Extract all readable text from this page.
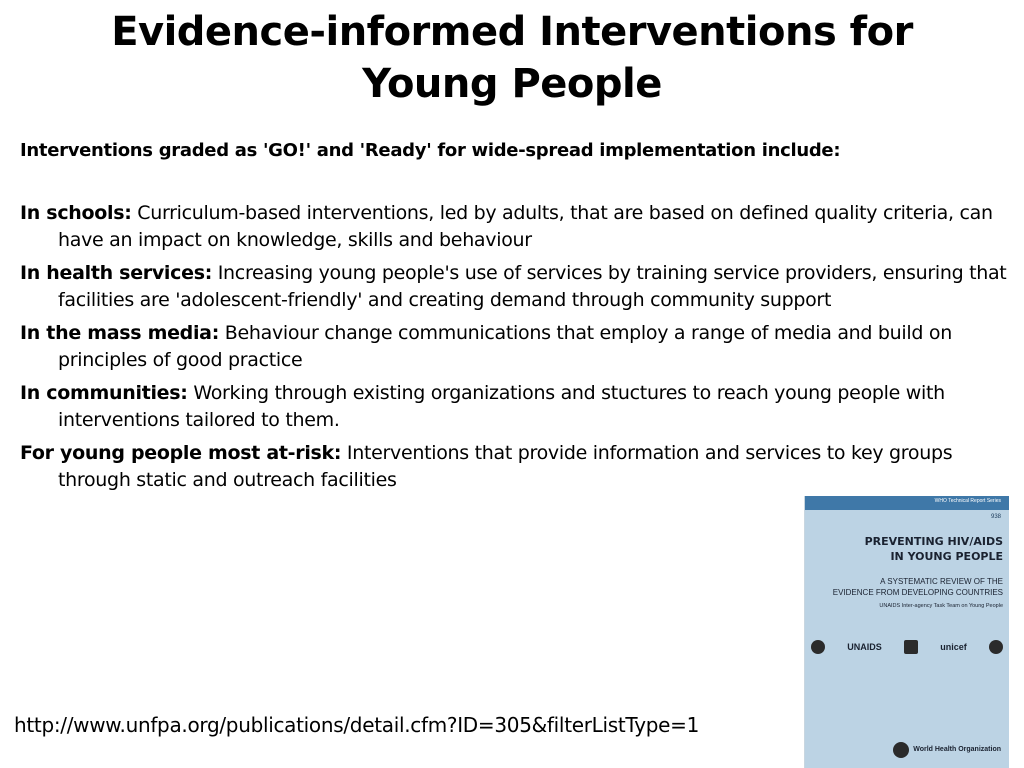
Evidence-informed Interventions for
Young People
Interventions graded as 'GO!' and 'Ready' for wide-spread implementation include:
In schools: Curriculum-based interventions, led by adults, that are based on defined quality criteria, can have an impact on knowledge, skills and behaviour
In health services: Increasing young people's use of services by training service providers, ensuring that facilities are 'adolescent-friendly' and creating demand through community support
In the mass media: Behaviour change communications that employ a range of media and build on principles of good practice
In communities: Working through existing organizations and stuctures to reach young people with interventions tailored to them.
For young people most at-risk: Interventions that provide information and services to key groups through static and outreach facilities
WHO Technical Report Series
938
PREVENTING HIV/AIDS
IN YOUNG PEOPLE
A SYSTEMATIC REVIEW OF THE
EVIDENCE FROM DEVELOPING COUNTRIES
UNAIDS Inter-agency Task Team on Young People
UNAIDS	unicef
World Health Organization
http://www.unfpa.org/publications/detail.cfm?ID=305&filterListType=1
